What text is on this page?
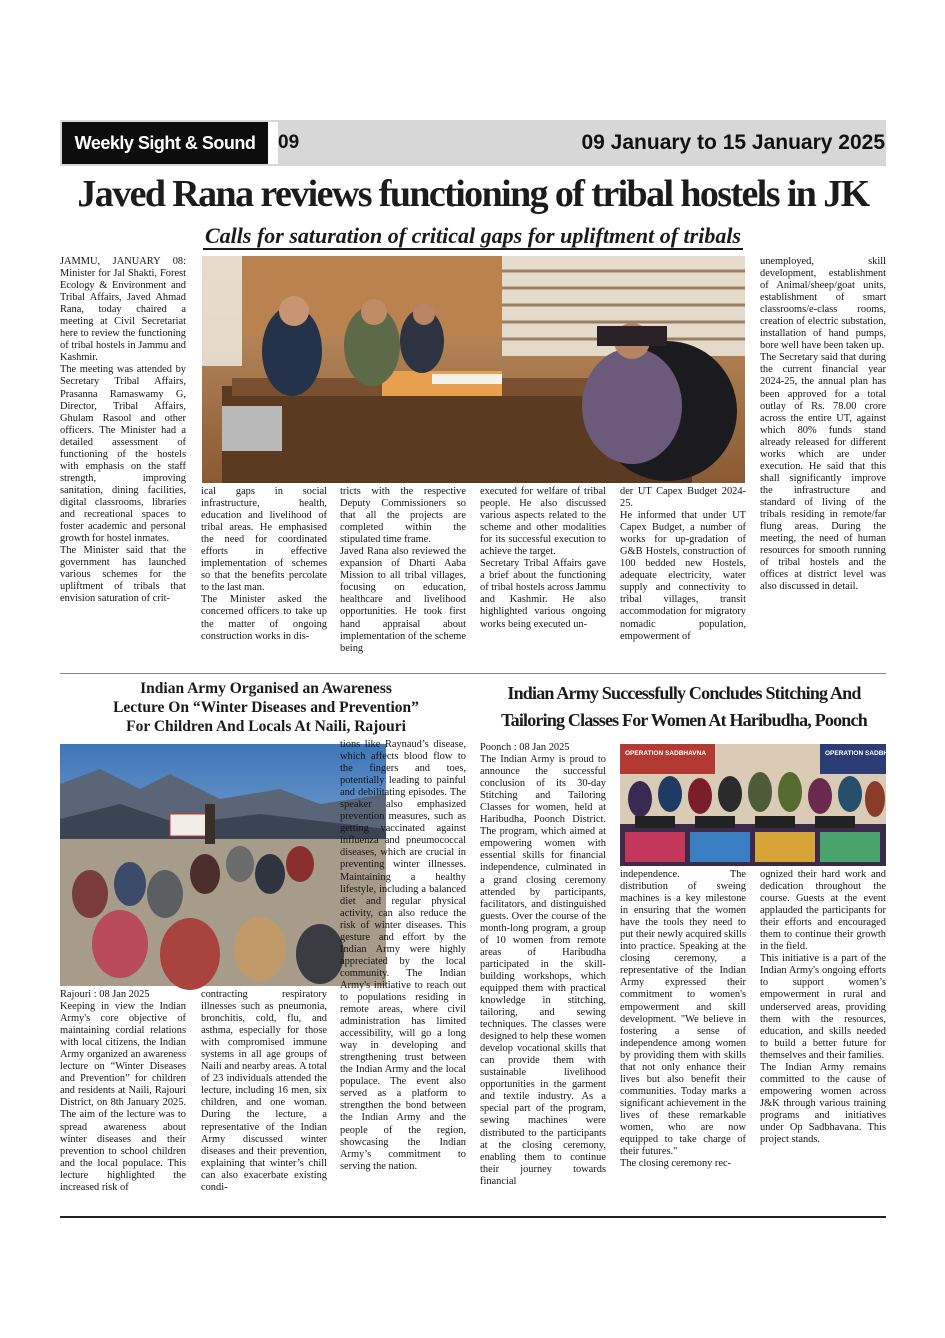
Weekly Sight & Sound	09	09 January to 15 January 2025
Javed Rana reviews functioning of tribal hostels in JK
Calls for saturation of critical gaps for upliftment of tribals

JAMMU, JANUARY 08: Minister for Jal Shakti, Forest Ecology & Environment and Tribal Affairs, Javed Ahmad Rana, today chaired a meeting at Civil Secretariat here to review the functioning of tribal hostels in Jammu and Kashmir.
The meeting was attended by Secretary Tribal Affairs, Prasanna Ramaswamy G, Director, Tribal Affairs, Ghulam Rasool and other officers. The Minister had a detailed assessment of functioning of the hostels with emphasis on the staff strength, improving sanitation, dining facilities, digital classrooms, libraries and recreational spaces to foster academic and personal growth for hostel inmates.
The Minister said that the government has launched various schemes for the upliftment of tribals that envision saturation of crit-

ical gaps in social infrastructure, health, education and livelihood of tribal areas. He emphasised the need for coordinated efforts in effective implementation of schemes so that the benefits percolate to the last man.
The Minister asked the concerned officers to take up the matter of ongoing construction works in dis-

tricts with the respective Deputy Commissioners so that all the projects are completed within the stipulated time frame.
Javed Rana also reviewed the expansion of Dharti Aaba Mission to all tribal villages, focusing on education, healthcare and livelihood opportunities. He took first hand appraisal about implementation of the scheme being

executed for welfare of tribal people. He also discussed various aspects related to the scheme and other modalities for its successful execution to achieve the target.
Secretary Tribal Affairs gave a brief about the functioning of tribal hostels across Jammu and Kashmir. He also highlighted various ongoing works being executed un-

der UT Capex Budget 2024-25.
He informed that under UT Capex Budget, a number of works for up-gradation of G&B Hostels, construction of 100 bedded new Hostels, adequate electricity, water supply and connectivity to tribal villages, transit accommodation for migratory nomadic population, empowerment of

unemployed, skill development, establishment of Animal/sheep/goat units, establishment of smart classrooms/e-class rooms, creation of electric substation, installation of hand pumps, bore well have been taken up.
The Secretary said that during the current financial year 2024-25, the annual plan has been approved for a total outlay of Rs. 78.00 crore across the entire UT, against which 80% funds stand already released for different works which are under execution. He said that this shall significantly improve the infrastructure and standard of living of the tribals residing in remote/far flung areas. During the meeting, the need of human resources for smooth running of tribal hostels and the offices at district level was also discussed in detail.

Indian Army Organised an Awareness
Lecture On “Winter Diseases and Prevention”
For Children And Locals At Naili, Rajouri

Rajouri : 08 Jan 2025
Keeping in view the Indian Army's core objective of maintaining cordial relations with local citizens, the Indian Army organized an awareness lecture on “Winter Diseases and Prevention” for children and residents at Naili, Rajouri District, on 8th January 2025. The aim of the lecture was to spread awareness about winter diseases and their prevention to school children and the local populace. This lecture highlighted the increased risk of

contracting respiratory illnesses such as pneumonia, bronchitis, cold, flu, and asthma, especially for those with compromised immune systems in all age groups of Naili and nearby areas. A total of 23 individuals attended the lecture, including 16 men, six children, and one woman. During the lecture, a representative of the Indian Army discussed winter diseases and their prevention, explaining that winter’s chill can also exacerbate existing condi-

tions like Raynaud’s disease, which affects blood flow to the fingers and toes, potentially leading to painful and debilitating episodes. The speaker also emphasized prevention measures, such as getting vaccinated against influenza and pneumococcal diseases, which are crucial in preventing winter illnesses. Maintaining a healthy lifestyle, including a balanced diet and regular physical activity, can also reduce the risk of winter diseases. This gesture and effort by the Indian Army were highly appreciated by the local community. The Indian Army's initiative to reach out to populations residing in remote areas, where civil administration has limited accessibility, will go a long way in developing and strengthening trust between the Indian Army and the local populace. The event also served as a platform to strengthen the bond between the Indian Army and the people of the region, showcasing the Indian Army’s commitment to serving the nation.

Indian Army Successfully Concludes Stitching And
Tailoring Classes For Women At Haribudha, Poonch
OPERATION SADBHAVNA	OPERATION SADBHAVNA

Poonch : 08 Jan 2025
The Indian Army is proud to announce the successful conclusion of its 30-day Stitching and Tailoring Classes for women, held at Haribudha, Poonch District. The program, which aimed at empowering women with essential skills for financial independence, culminated in a grand closing ceremony attended by participants, facilitators, and distinguished guests. Over the course of the month-long program, a group of 10 women from remote areas of Haribudha participated in the skill-building workshops, which equipped them with practical knowledge in stitching, tailoring, and sewing techniques. The classes were designed to help these women develop vocational skills that can provide them with sustainable livelihood opportunities in the garment and textile industry. As a special part of the program, sewing machines were distributed to the participants at the closing ceremony, enabling them to continue their journey towards financial

independence. The distribution of sweing machines is a key milestone in ensuring that the women have the tools they need to put their newly acquired skills into practice. Speaking at the closing ceremony, a representative of the Indian Army expressed their commitment to women's empowerment and skill development. "We believe in fostering a sense of independence among women by providing them with skills that not only enhance their lives but also benefit their communities. Today marks a significant achievement in the lives of these remarkable women, who are now equipped to take charge of their futures."
The closing ceremony rec-

ognized their hard work and dedication throughout the course. Guests at the event applauded the participants for their efforts and encouraged them to continue their growth in the field.
This initiative is a part of the Indian Army's ongoing efforts to support women’s empowerment in rural and underserved areas, providing them with the resources, education, and skills needed to build a better future for themselves and their families.
The Indian Army remains committed to the cause of empowering women across J&K through various training programs and initiatives under Op Sadbhavana. This project stands.
